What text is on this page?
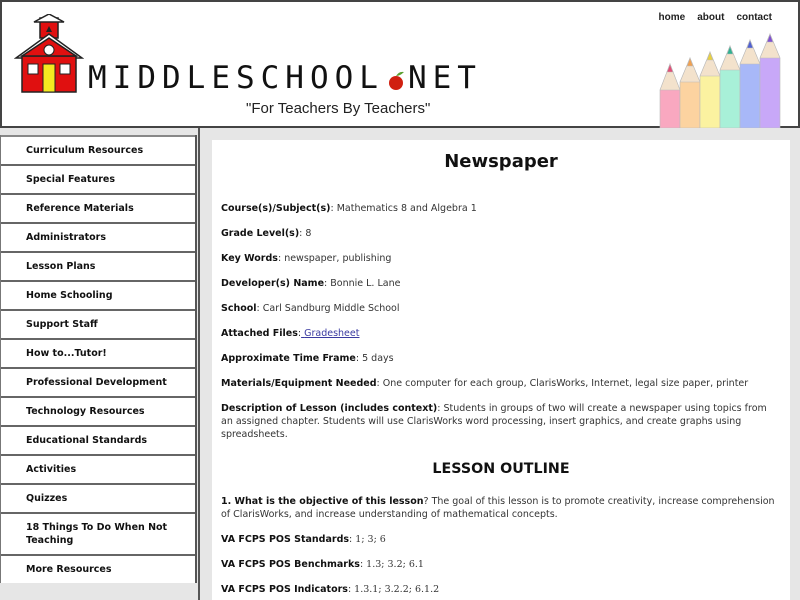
MIDDLESCHOOL NET
"For Teachers By Teachers"
home about contact
Curriculum Resources
Special Features
Reference Materials
Administrators
Lesson Plans
Home Schooling
Support Staff
How to...Tutor!
Professional Development
Technology Resources
Educational Standards
Activities
Quizzes
18 Things To Do When Not Teaching
More Resources
Newspaper

Course(s)/Subject(s): Mathematics 8 and Algebra 1

Grade Level(s): 8

Key Words: newspaper, publishing

Developer(s) Name: Bonnie L. Lane

School: Carl Sandburg Middle School

Attached Files: Gradesheet

Approximate Time Frame: 5 days

Materials/Equipment Needed: One computer for each group, ClarisWorks, Internet, legal size paper, printer

Description of Lesson (includes context): Students in groups of two will create a newspaper using topics from an assigned chapter. Students will use ClarisWorks word processing, insert graphics, and create graphs using spreadsheets.

LESSON OUTLINE

1. What is the objective of this lesson? The goal of this lesson is to promote creativity, increase comprehension of ClarisWorks, and increase understanding of mathematical concepts.

VA FCPS POS Standards: 1; 3; 6

VA FCPS POS Benchmarks: 1.3; 3.2; 6.1

VA FCPS POS Indicators: 1.3.1; 3.2.2; 6.1.2
